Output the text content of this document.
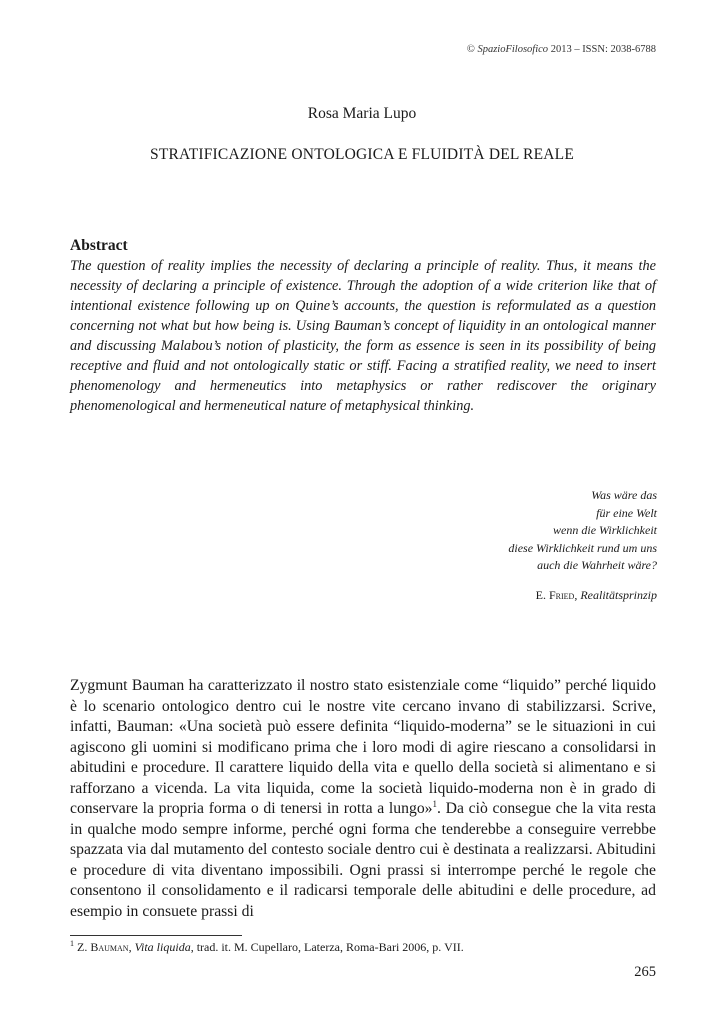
© SpazioFilosofico 2013 – ISSN: 2038-6788
Rosa Maria Lupo
STRATIFICAZIONE ONTOLOGICA E FLUIDITÀ DEL REALE
Abstract

The question of reality implies the necessity of declaring a principle of reality. Thus, it means the necessity of declaring a principle of existence. Through the adoption of a wide criterion like that of intentional existence following up on Quine’s accounts, the question is reformulated as a question concerning not what but how being is. Using Bauman’s concept of liquidity in an ontological manner and discussing Malabou’s notion of plasticity, the form as essence is seen in its possibility of being receptive and fluid and not ontologically static or stiff. Facing a stratified reality, we need to insert phenomenology and hermeneutics into metaphysics or rather rediscover the originary phenomenological and hermeneutical nature of metaphysical thinking.

Was wäre das
für eine Welt
wenn die Wirklichkeit
diese Wirklichkeit rund um uns
auch die Wahrheit wäre?
E. Fried, Realitätsprinzip

Zygmunt Bauman ha caratterizzato il nostro stato esistenziale come “liquido” perché liquido è lo scenario ontologico dentro cui le nostre vite cercano invano di stabilizzarsi. Scrive, infatti, Bauman: «Una società può essere definita “liquido-moderna” se le situazioni in cui agiscono gli uomini si modificano prima che i loro modi di agire riescano a consolidarsi in abitudini e procedure. Il carattere liquido della vita e quello della società si alimentano e si rafforzano a vicenda. La vita liquida, come la società liquido-moderna non è in grado di conservare la propria forma o di tenersi in rotta a lungo»$^1$. Da ciò consegue che la vita resta in qualche modo sempre informe, perché ogni forma che tenderebbe a conseguire verrebbe spazzata via dal mutamento del contesto sociale dentro cui è destinata a realizzarsi. Abitudini e procedure di vita diventano impossibili. Ogni prassi si interrompe perché le regole che consentono il consolidamento e il radicarsi temporale delle abitudini e delle procedure, ad esempio in consuete prassi di

$^1$ Z. Bauman, Vita liquida, trad. it. M. Cupellaro, Laterza, Roma-Bari 2006, p. VII.
265
